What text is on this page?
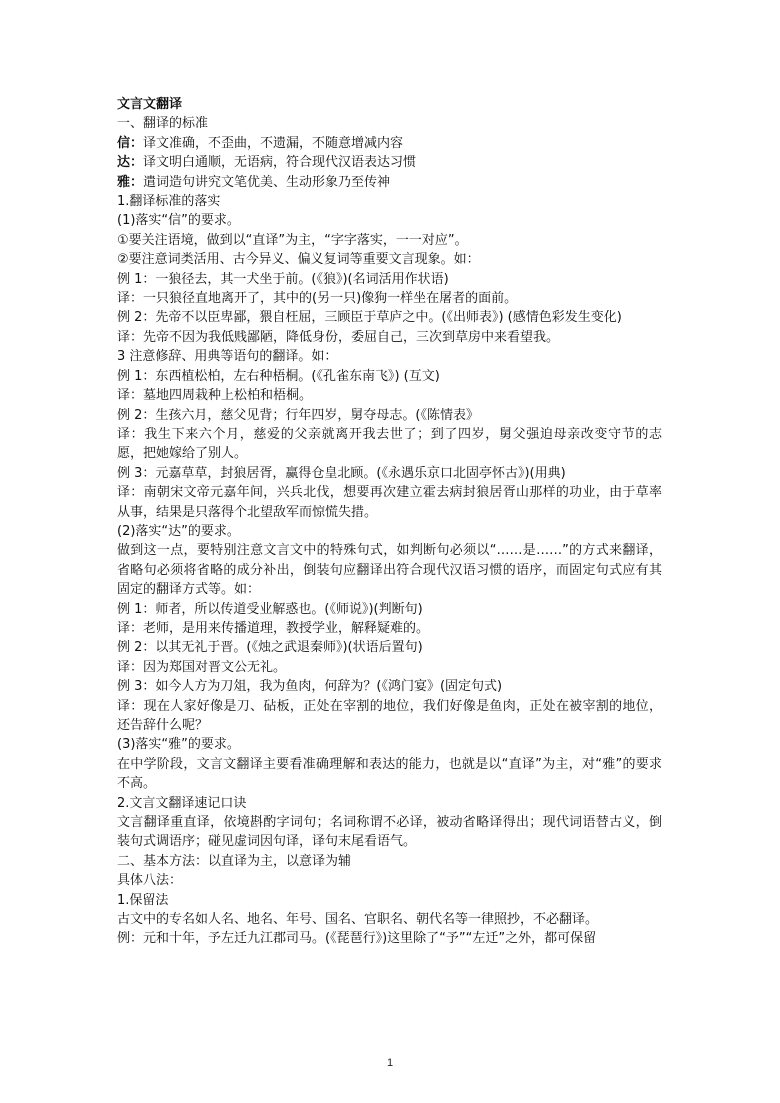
文言文翻译

一、翻译的标准

信：译文准确，不歪曲，不遗漏，不随意增减内容

达：译文明白通顺，无语病，符合现代汉语表达习惯

雅：遣词造句讲究文笔优美、生动形象乃至传神

1.翻译标准的落实

(1)落实“信”的要求。

①要关注语境，做到以“直译”为主，“字字落实，一一对应”。

②要注意词类活用、古今异义、偏义复词等重要文言现象。如：

例 1：一狼径去，其一犬坐于前。(《狼》)(名词活用作状语)

译：一只狼径直地离开了，其中的(另一只)像狗一样坐在屠者的面前。

例 2：先帝不以臣卑鄙，猥自枉屈，三顾臣于草庐之中。(《出师表》) (感情色彩发生变化)

译：先帝不因为我低贱鄙陋，降低身份，委屈自己，三次到草房中来看望我。

3 注意修辞、用典等语句的翻译。如：

例 1：东西植松柏，左右种梧桐。(《孔雀东南飞》) (互文)

译：墓地四周栽种上松柏和梧桐。

例 2：生孩六月，慈父见背；行年四岁，舅夺母志。(《陈情表》

译：我生下来六个月，慈爱的父亲就离开我去世了；到了四岁，舅父强迫母亲改变守节的志愿，把她嫁给了别人。

例 3：元嘉草草，封狼居胥，赢得仓皇北顾。(《永遇乐京口北固亭怀古》)(用典)

译：南朝宋文帝元嘉年间，兴兵北伐，想要再次建立霍去病封狼居胥山那样的功业，由于草率从事，结果是只落得个北望敌军而惊慌失措。

(2)落实“达”的要求。

做到这一点，要特别注意文言文中的特殊句式，如判断句必须以“……是……”的方式来翻译，省略句必须将省略的成分补出，倒装句应翻译出符合现代汉语习惯的语序，而固定句式应有其固定的翻译方式等。如：

例 1：师者，所以传道受业解惑也。(《师说》)(判断句)

译：老师，是用来传播道理，教授学业，解释疑难的。

例 2：以其无礼于晋。(《烛之武退秦师》)(状语后置句)

译：因为郑国对晋文公无礼。

例 3：如今人方为刀俎，我为鱼肉，何辞为？(《鸿门宴》(固定句式)

译：现在人家好像是刀、砧板，正处在宰割的地位，我们好像是鱼肉，正处在被宰割的地位，还告辞什么呢？

(3)落实“雅”的要求。

在中学阶段，文言文翻译主要看准确理解和表达的能力，也就是以“直译”为主，对“雅”的要求不高。

2.文言文翻译速记口诀

文言翻译重直译，依境斟酌字词句；名词称谓不必译，被动省略译得出；现代词语替古义，倒装句式调语序；碰见虚词因句译，译句末尾看语气。

二、基本方法：以直译为主，以意译为辅

具体八法：

1.保留法

古文中的专名如人名、地名、年号、国名、官职名、朝代名等一律照抄，不必翻译。

例：元和十年，予左迁九江郡司马。(《琵琶行》)这里除了“予”“左迁”之外，都可保留

1
